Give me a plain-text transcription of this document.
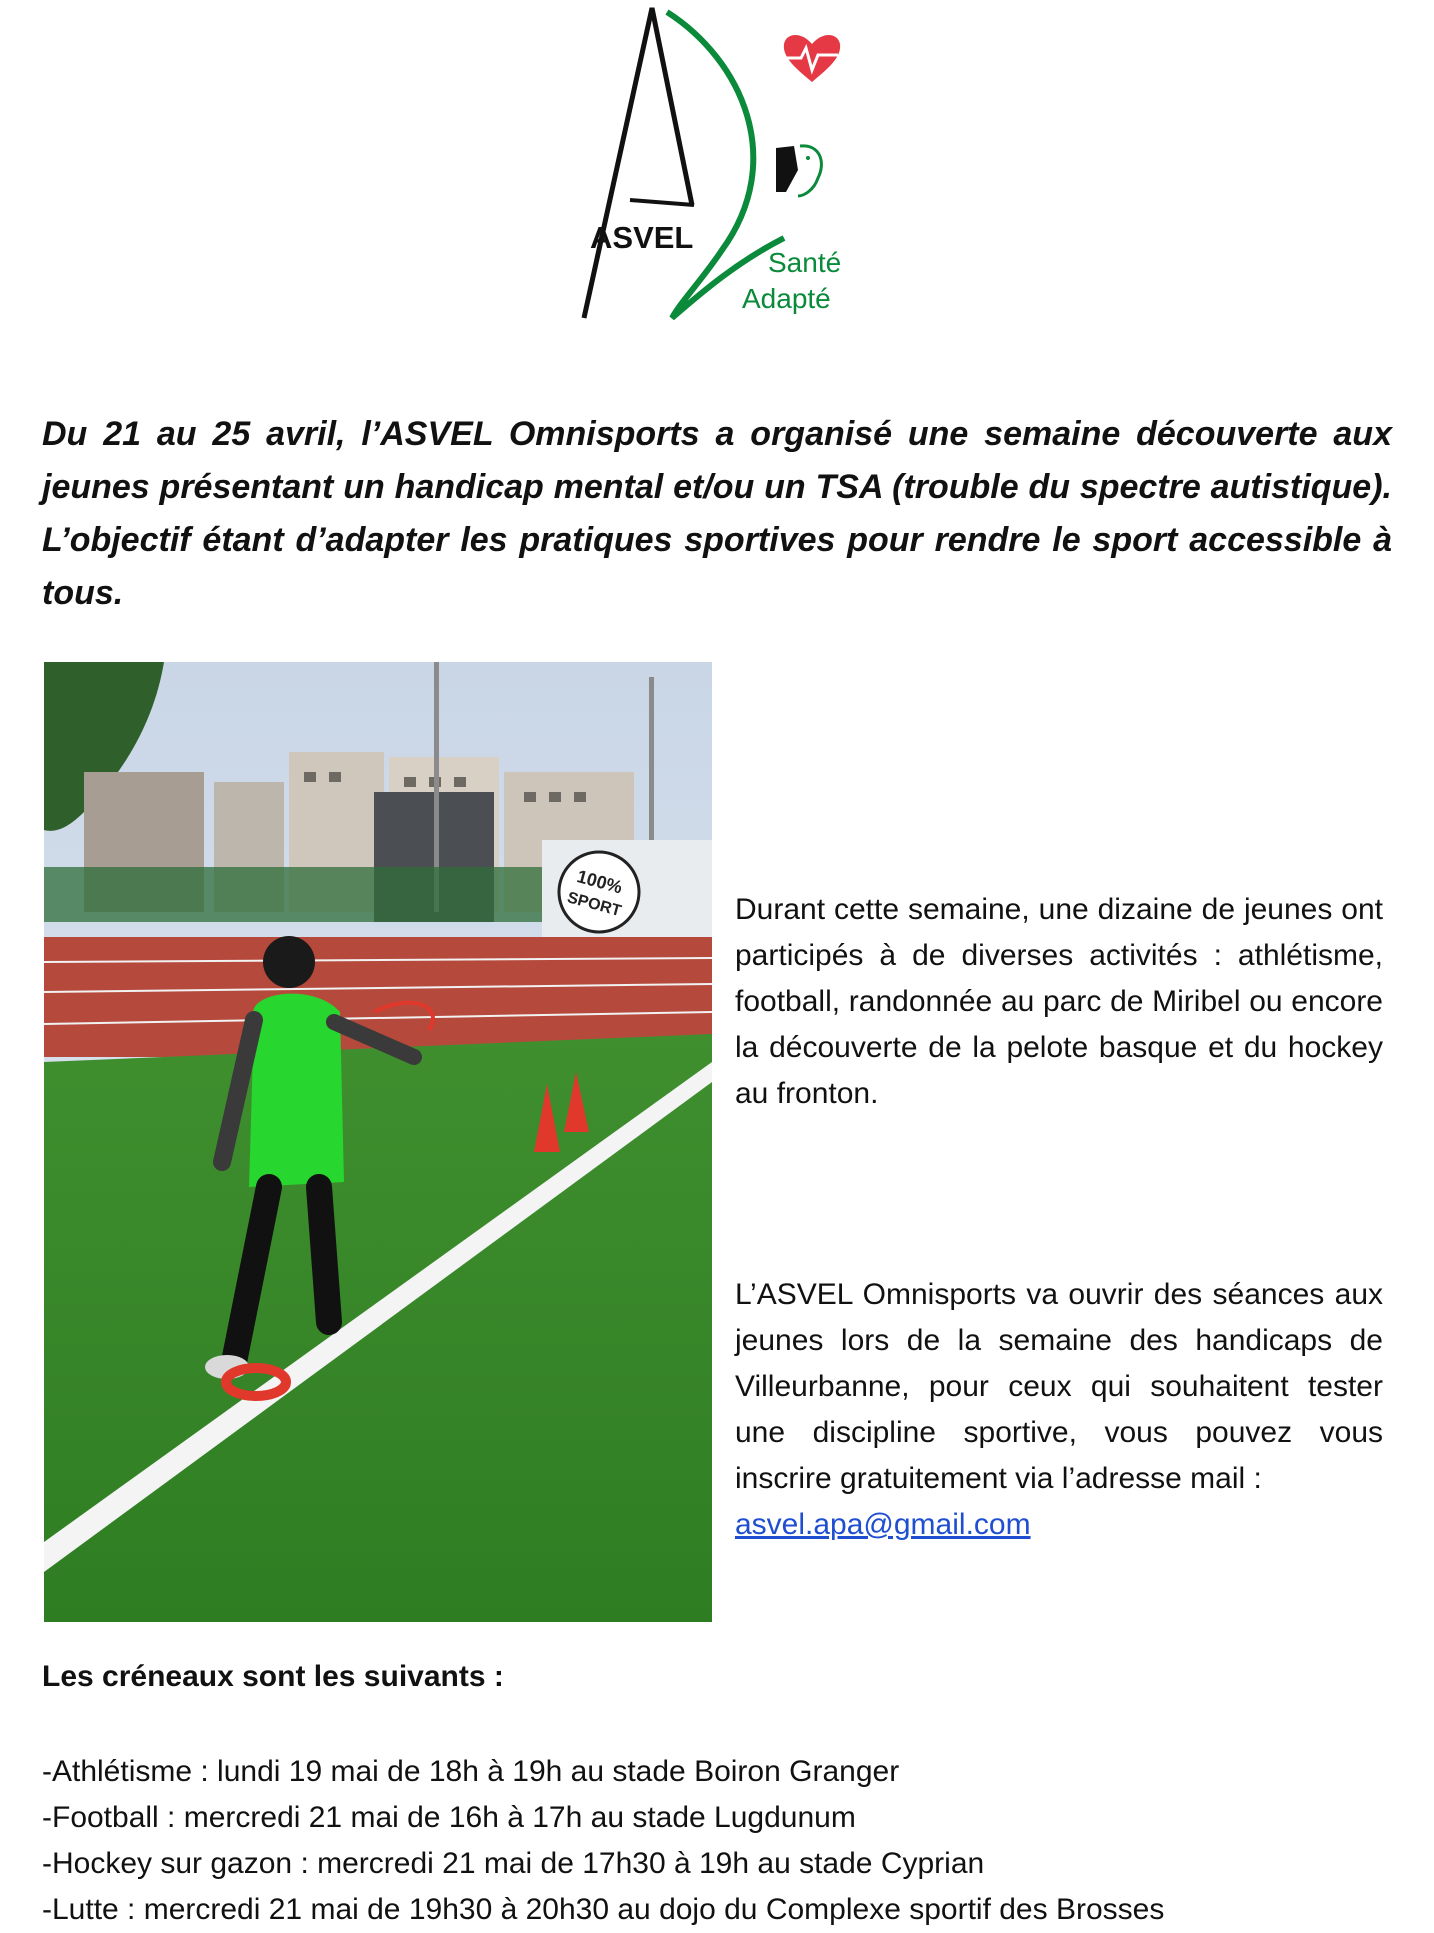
ASVEL
Santé
Adapté

Du 21 au 25 avril, l’ASVEL Omnisports a organisé une semaine découverte aux jeunes présentant un handicap mental et/ou un TSA (trouble du spectre autistique). L’objectif étant d’adapter les pratiques sportives pour rendre le sport accessible à tous.

100%
SPORT	Durant cette semaine, une dizaine de jeunes ont participés à de diverses activités : athlétisme, football, randonnée au parc de Miribel ou encore la découverte de la pelote basque et du hockey au fronton.

L’ASVEL Omnisports va ouvrir des séances aux jeunes lors de la semaine des handicaps de Villeurbanne, pour ceux qui souhaitent tester une discipline sportive, vous pouvez vous inscrire gratuitement via l’adresse mail :
asvel.apa@gmail.com

Les créneaux sont les suivants :

-Athlétisme : lundi 19 mai de 18h à 19h au stade Boiron Granger
-Football : mercredi 21 mai de 16h à 17h au stade Lugdunum
-Hockey sur gazon : mercredi 21 mai de 17h30 à 19h au stade Cyprian
-Lutte : mercredi 21 mai de 19h30 à 20h30 au dojo du Complexe sportif des Brosses
